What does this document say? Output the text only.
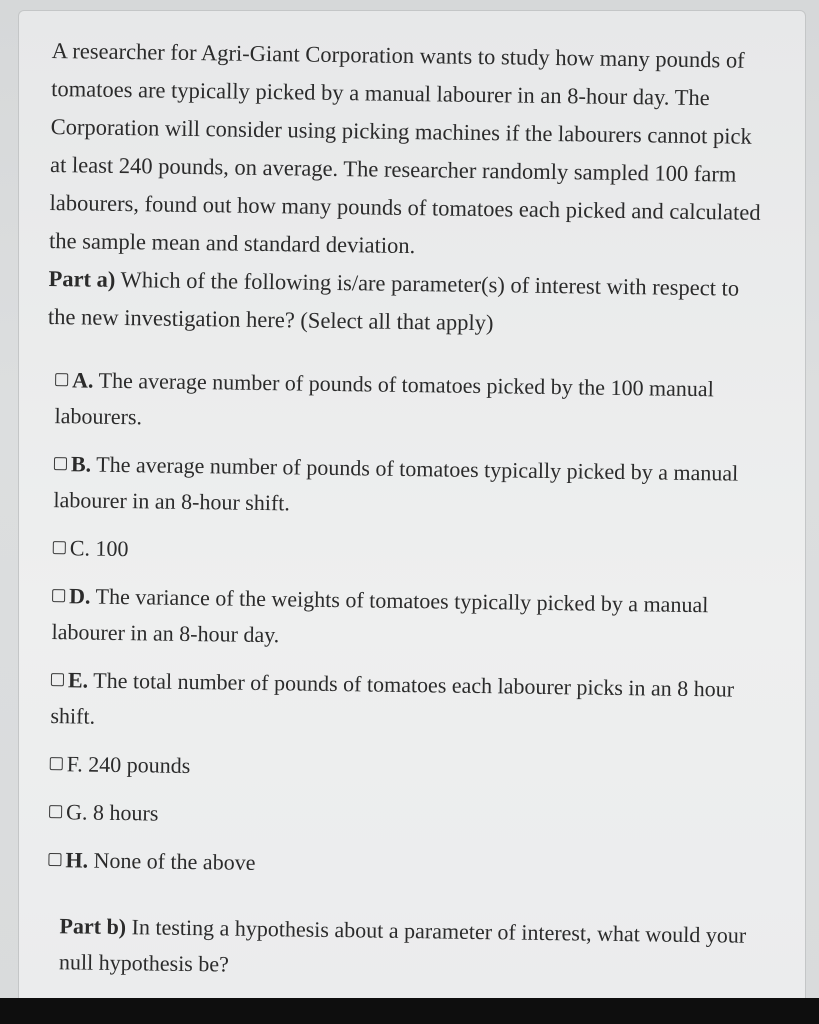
A researcher for Agri-Giant Corporation wants to study how many pounds of tomatoes are typically picked by a manual labourer in an 8-hour day. The Corporation will consider using picking machines if the labourers cannot pick at least 240 pounds, on average. The researcher randomly sampled 100 farm labourers, found out how many pounds of tomatoes each picked and calculated the sample mean and standard deviation.

Part a) Which of the following is/are parameter(s) of interest with respect to the new investigation here? (Select all that apply)

A. The average number of pounds of tomatoes picked by the 100 manual labourers.

B. The average number of pounds of tomatoes typically picked by a manual labourer in an 8-hour shift.

C. 100

D. The variance of the weights of tomatoes typically picked by a manual labourer in an 8-hour day.

E. The total number of pounds of tomatoes each labourer picks in an 8 hour shift.

F. 240 pounds

G. 8 hours

H. None of the above

Part b) In testing a hypothesis about a parameter of interest, what would your null hypothesis be?
